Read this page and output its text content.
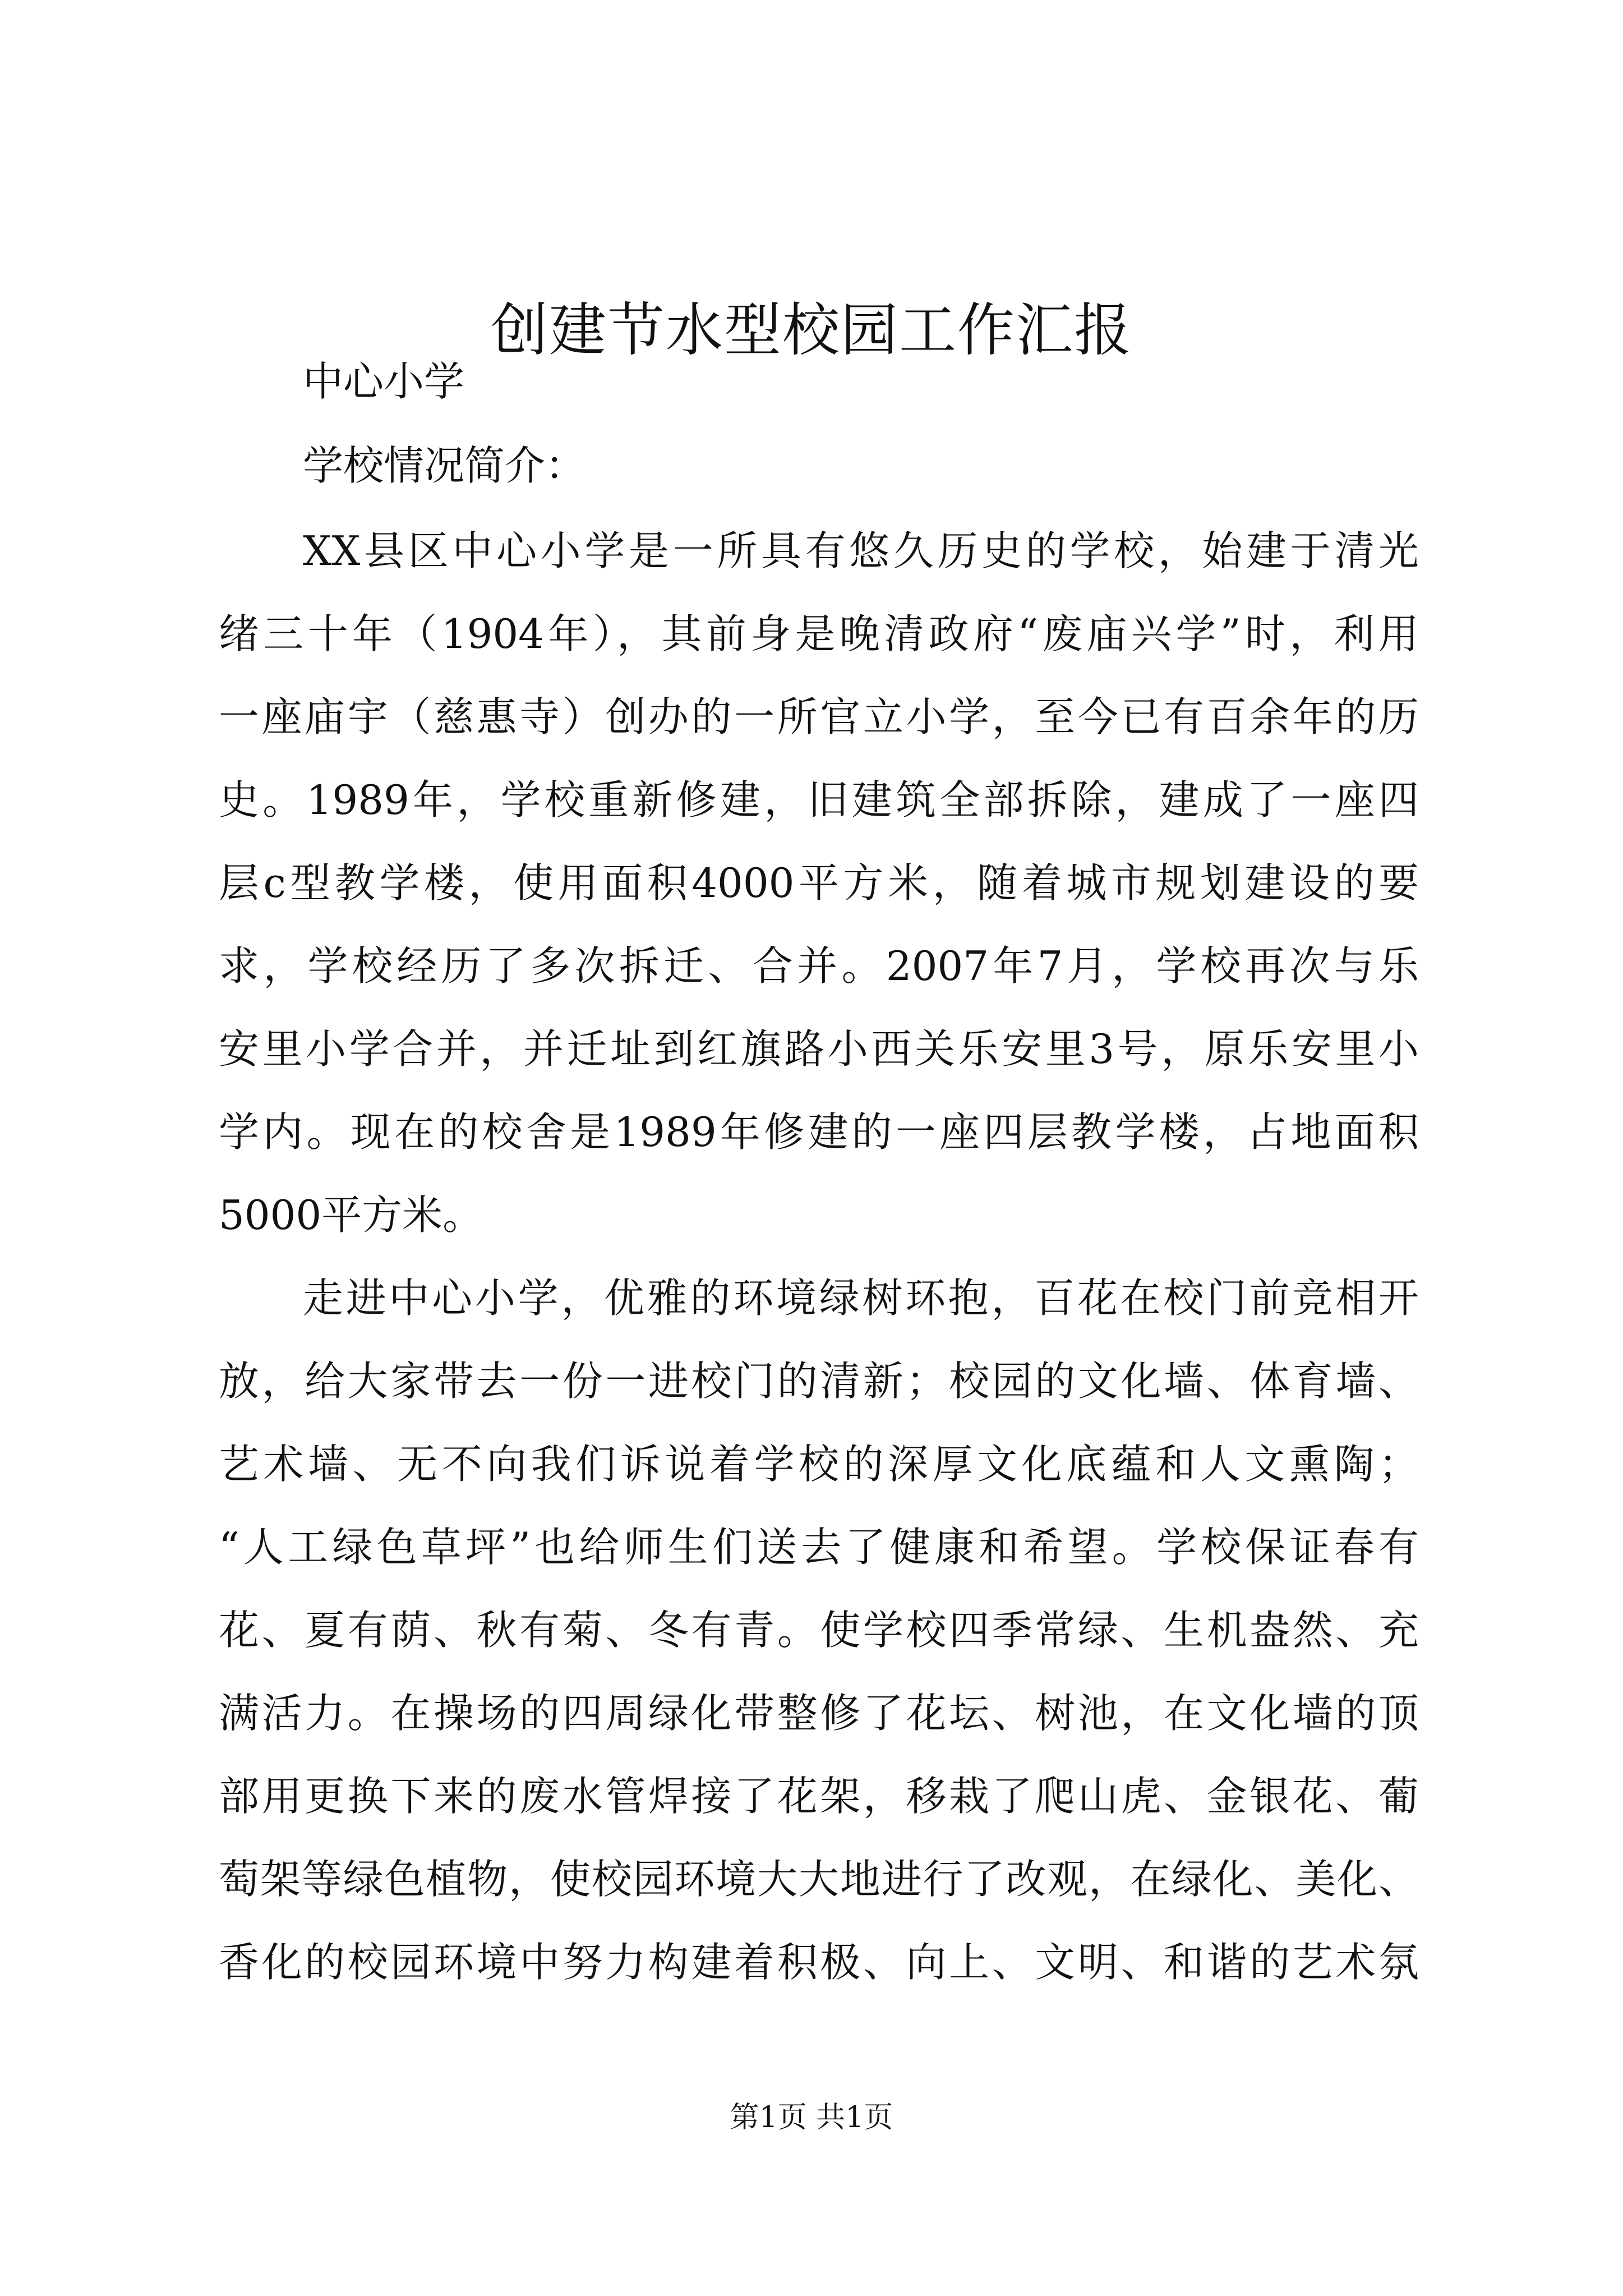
创建节水型校园工作汇报
中心小学
学校情况简介：
XX县区中心小学是一所具有悠久历史的学校，始建于清光
绪三十年（1904年），其前身是晚清政府“废庙兴学”时，利用
一座庙宇（慈惠寺）创办的一所官立小学，至今已有百余年的历
史。1989年，学校重新修建，旧建筑全部拆除，建成了一座四
层c型教学楼，使用面积4000平方米，随着城市规划建设的要
求，学校经历了多次拆迁、合并。2007年7月，学校再次与乐
安里小学合并，并迁址到红旗路小西关乐安里3号，原乐安里小
学内。现在的校舍是1989年修建的一座四层教学楼，占地面积
5000平方米。
走进中心小学，优雅的环境绿树环抱，百花在校门前竞相开
放，给大家带去一份一进校门的清新；校园的文化墙、体育墙、
艺术墙、无不向我们诉说着学校的深厚文化底蕴和人文熏陶；
“人工绿色草坪”也给师生们送去了健康和希望。学校保证春有
花、夏有荫、秋有菊、冬有青。使学校四季常绿、生机盎然、充
满活力。在操场的四周绿化带整修了花坛、树池，在文化墙的顶
部用更换下来的废水管焊接了花架，移栽了爬山虎、金银花、葡
萄架等绿色植物，使校园环境大大地进行了改观，在绿化、美化、
香化的校园环境中努力构建着积极、向上、文明、和谐的艺术氛
第1页 共1页
